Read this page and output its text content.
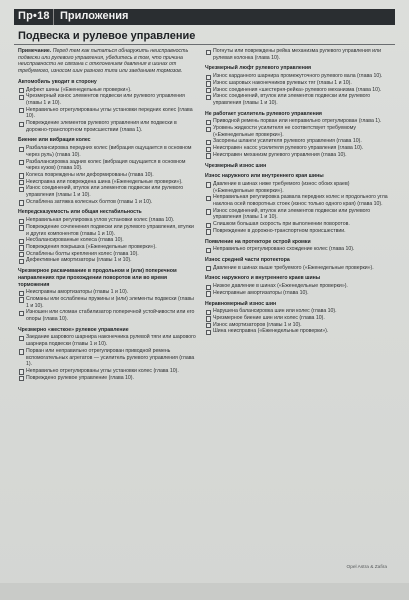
Пр•18 Приложения
Подвеска и рулевое управление
Примечание. Перед тем как пытаться обнаружить неисправность подвески или рулевого управления, убедитесь в том, что причина неисправности не связана с отклонением давления в шинах от требуемого, износом шин разного типа или заеданием тормозов.
Автомобиль уводит в сторону
Дефект шины («Еженедельные проверки»).
Чрезмерный износ элементов подвески или рулевого управления (главы 1 и 10).
Неправильно отрегулированы углы установки передних колес (глава 10).
Повреждение элементов рулевого управления или подвески в дорожно-транспортном происшествии (глава 1).
Биение или вибрация колес
Разбалансировка передних колес (вибрация ощущается в основном через руль) (глава 10).
Разбалансировка задних колес (вибрация ощущается в основном через кузов) (глава 10).
Колеса повреждены или деформированы (глава 10).
Неисправна или повреждена шина («Еженедельные проверки»).
Износ соединений, втулок или элементов подвески или рулевого управления (главы 1 и 10).
Ослаблена затяжка колесных болтов (главы 1 и 10).
Непредсказуемость или общая нестабильность
Неправильная регулировка углов установки колес (глава 10).
Повреждение сочленения подвески или рулевого управления, втулки и других компонентов (главы 1 и 10).
Несбалансированные колеса (глава 10).
Повреждения покрышка («Еженедельные проверки»).
Ослаблены болты крепления колес (глава 10).
Дефективные амортизаторы (главы 1 и 10).
Чрезмерное раскачивание в продольном и (или) поперечном направлениях при прохождении поворотов или во время торможения
Неисправны амортизаторы (главы 1 и 10).
Сломаны или ослаблены пружины и (или) элементы подвески (главы 1 и 10).
Изношен или сломан стабилизатор поперечной устойчивости или его опоры (глава 10).
Чрезмерно «жесткое» рулевое управление
Заедание шарового шарнира наконечника рулевой тяги или шарового шарнира подвески (главы 1 и 10).
Порван или неправильно отрегулирован приводной ремень вспомогательных агрегатов — усилитель рулевого управления (глава 1).
Неправильно отрегулированы углы установки колес (глава 10).
Повреждено рулевое управление (глава 10).
Погнуты или повреждены рейка механизма рулевого управления или рулевая колонка (глава 10).
Чрезмерный люфт рулевого управления
Износ карданного шарнира промежуточного рулевого вала (глава 10).
Износ шаровых наконечников рулевых тяг (главы 1 и 10).
Износ соединения «шестерня-рейка» рулевого механизма (глава 10).
Износ соединений, втулок или элементов подвески или рулевого управления (главы 1 и 10).
Не работает усилитель рулевого управления
Приводной ремень порван или неправильно отрегулирован (глава 1).
Уровень жидкости усилителя не соответствует требуемому («Еженедельные проверки»).
Засорены шланги усилителя рулевого управления (глава 10).
Неисправен насос усилителя рулевого управления (глава 10).
Неисправен механизм рулевого управления (глава 10).
Чрезмерный износ шин
Износ наружного или внутреннего края шины
Давление в шинах ниже требуемого (износ обоих краев) («Еженедельные проверки»).
Неправильная регулировка развала передних колес и продольного угла наклона осей поворотных стоек (износ только одного края) (глава 10).
Износ соединений, втулок или элементов подвески или рулевого управления (главы 1 и 10).
Слишком большая скорость при выполнении поворотов.
Повреждение в дорожно-транспортном происшествии.
Появление на протекторе острой кромки
Неправильно отрегулировано схождение колес (глава 10).
Износ средней части протектора
Давление в шинах выше требуемого («Еженедельные проверки»).
Износ наружного и внутреннего краев шины
Низкое давление в шинах («Еженедельные проверки»).
Неисправные амортизаторы (глава 10).
Неравномерный износ шин
Нарушена балансировка шин или колес (глава 10).
Чрезмерное биение шин или колес (глава 10).
Износ амортизаторов (главы 1 и 10).
Шина неисправна («Еженедельные проверки»).
Opel Astra & Zafira
